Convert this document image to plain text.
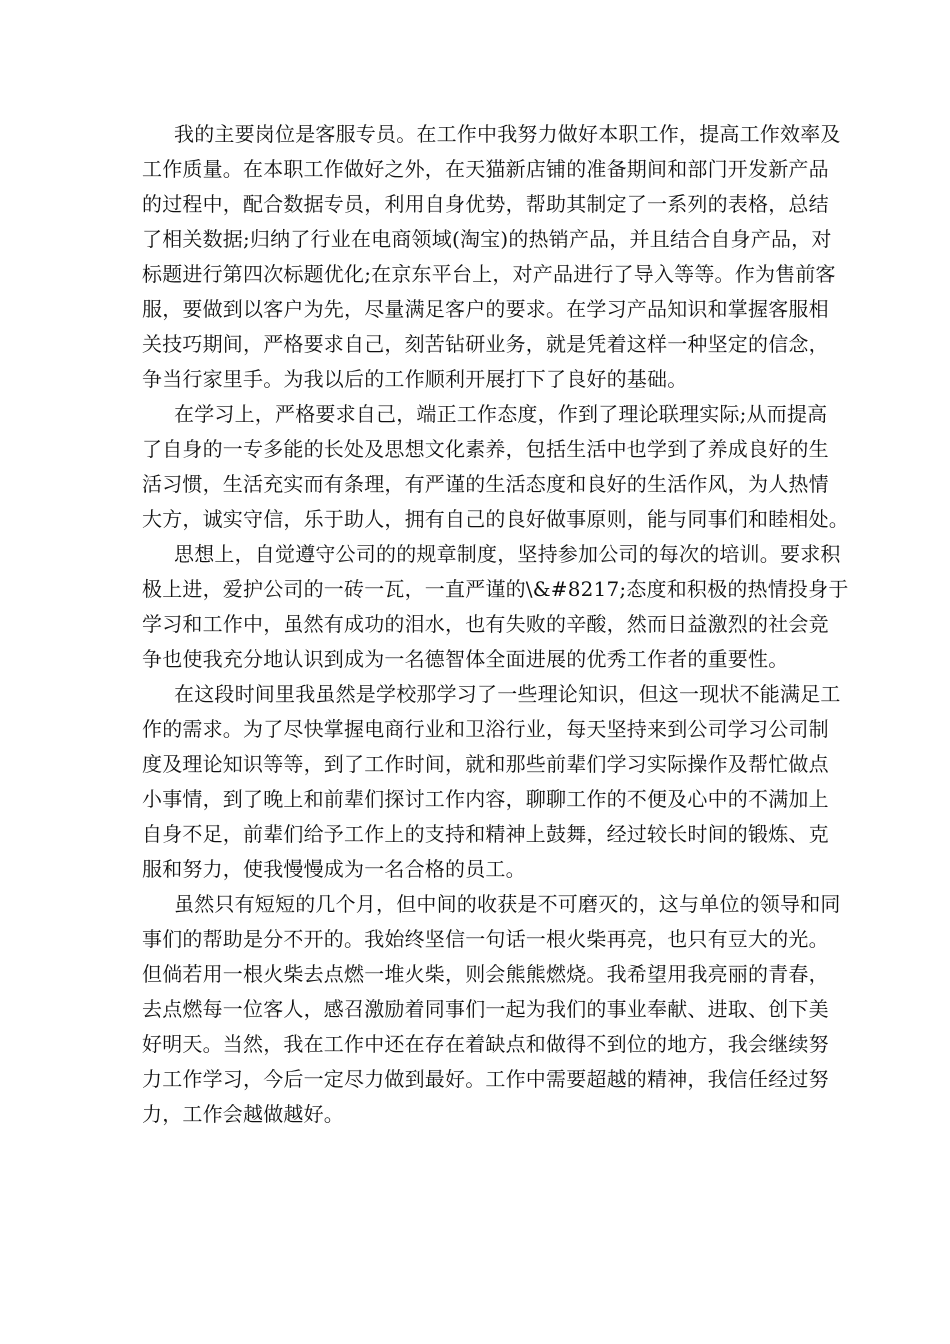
我的主要岗位是客服专员。在工作中我努力做好本职工作，提高工作效率及
工作质量。在本职工作做好之外，在天猫新店铺的准备期间和部门开发新产品
的过程中，配合数据专员，利用自身优势，帮助其制定了一系列的表格，总结
了相关数据;归纳了行业在电商领域(淘宝)的热销产品，并且结合自身产品，对
标题进行第四次标题优化;在京东平台上，对产品进行了导入等等。作为售前客
服，要做到以客户为先，尽量满足客户的要求。在学习产品知识和掌握客服相
关技巧期间，严格要求自己，刻苦钻研业务，就是凭着这样一种坚定的信念，
争当行家里手。为我以后的工作顺利开展打下了良好的基础。
在学习上，严格要求自己，端正工作态度，作到了理论联理实际;从而提高
了自身的一专多能的长处及思想文化素养，包括生活中也学到了养成良好的生
活习惯，生活充实而有条理，有严谨的生活态度和良好的生活作风，为人热情
大方，诚实守信，乐于助人，拥有自己的良好做事原则，能与同事们和睦相处。
思想上，自觉遵守公司的的规章制度，坚持参加公司的每次的培训。要求积
极上进，爱护公司的一砖一瓦，一直严谨的\&#8217;态度和积极的热情投身于
学习和工作中，虽然有成功的泪水，也有失败的辛酸，然而日益激烈的社会竞
争也使我充分地认识到成为一名德智体全面进展的优秀工作者的重要性。
在这段时间里我虽然是学校那学习了一些理论知识，但这一现状不能满足工
作的需求。为了尽快掌握电商行业和卫浴行业，每天坚持来到公司学习公司制
度及理论知识等等，到了工作时间，就和那些前辈们学习实际操作及帮忙做点
小事情，到了晚上和前辈们探讨工作内容，聊聊工作的不便及心中的不满加上
自身不足，前辈们给予工作上的支持和精神上鼓舞，经过较长时间的锻炼、克
服和努力，使我慢慢成为一名合格的员工。
虽然只有短短的几个月，但中间的收获是不可磨灭的，这与单位的领导和同
事们的帮助是分不开的。我始终坚信一句话一根火柴再亮，也只有豆大的光。
但倘若用一根火柴去点燃一堆火柴，则会熊熊燃烧。我希望用我亮丽的青春，
去点燃每一位客人，感召激励着同事们一起为我们的事业奉献、进取、创下美
好明天。当然，我在工作中还在存在着缺点和做得不到位的地方，我会继续努
力工作学习，今后一定尽力做到最好。工作中需要超越的精神，我信任经过努
力，工作会越做越好。
